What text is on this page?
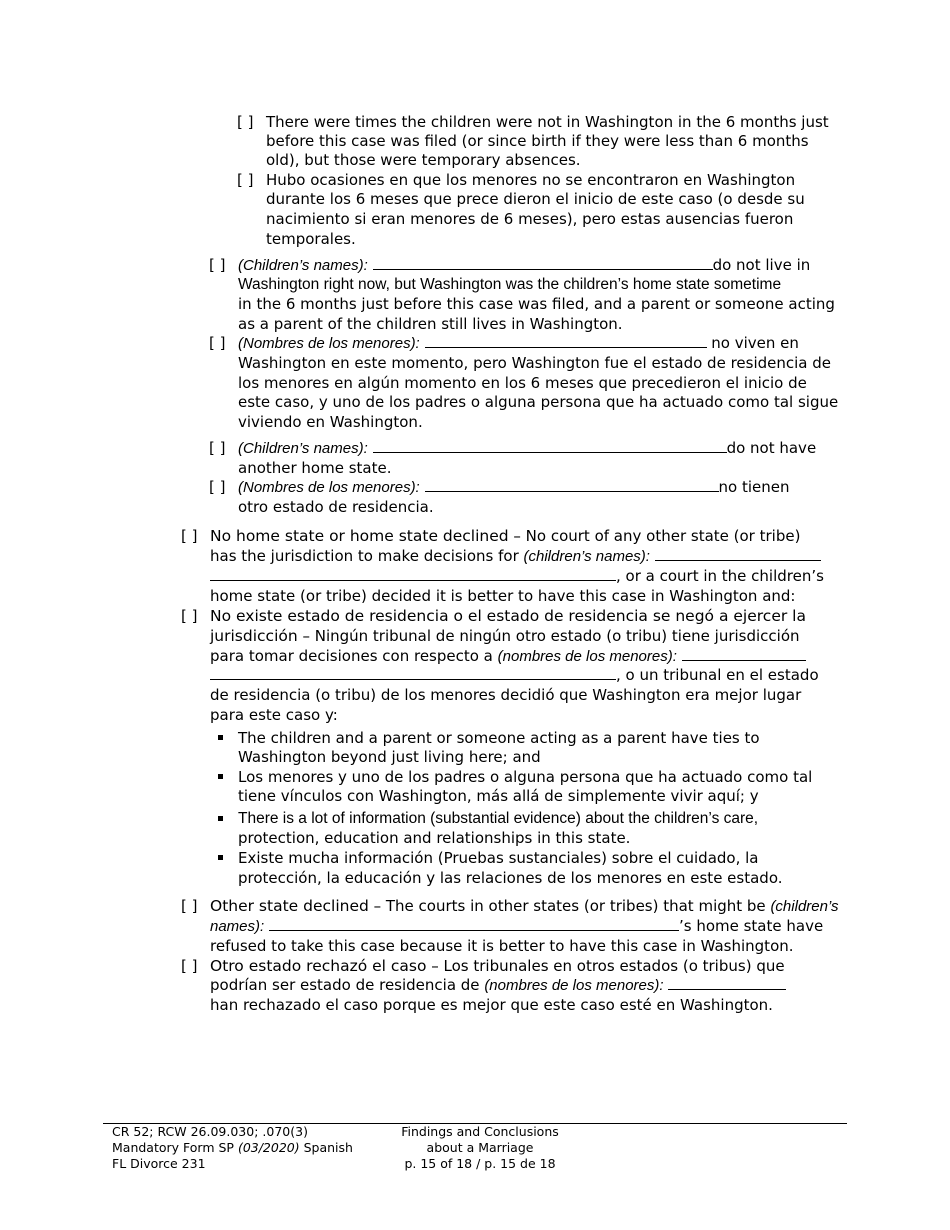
[ ] There were times the children were not in Washington in the 6 months just
before this case was filed (or since birth if they were less than 6 months
old), but those were temporary absences.
[ ] Hubo ocasiones en que los menores no se encontraron en Washington
durante los 6 meses que prece dieron el inicio de este caso (o desde su
nacimiento si eran menores de 6 meses), pero estas ausencias fueron
temporales.
[ ] (Children’s names):	do not live in
Washington right now, but Washington was the children’s home state sometime
in the 6 months just before this case was filed, and a parent or someone acting
as a parent of the children still lives in Washington.
[ ] (Nombres de los menores):	no viven en
Washington en este momento, pero Washington fue el estado de residencia de
los menores en algún momento en los 6 meses que precedieron el inicio de
este caso, y uno de los padres o alguna persona que ha actuado como tal sigue
viviendo en Washington.
[ ] (Children’s names):	do not have
another home state.
[ ] (Nombres de los menores):	no tienen
otro estado de residencia.
[ ] No home state or home state declined – No court of any other state (or tribe)
has the jurisdiction to make decisions for (children’s names):
, or a court in the children’s
home state (or tribe) decided it is better to have this case in Washington and:
[ ] No existe estado de residencia o el estado de residencia se negó a ejercer la
jurisdicción – Ningún tribunal de ningún otro estado (o tribu) tiene jurisdicción
para tomar decisiones con respecto a (nombres de los menores):
, o un tribunal en el estado
de residencia (o tribu) de los menores decidió que Washington era mejor lugar
para este caso y:
The children and a parent or someone acting as a parent have ties to
Washington beyond just living here; and
Los menores y uno de los padres o alguna persona que ha actuado como tal
tiene vínculos con Washington, más allá de simplemente vivir aquí; y
There is a lot of information (substantial evidence) about the children’s care,
protection, education and relationships in this state.
Existe mucha información (Pruebas sustanciales) sobre el cuidado, la
protección, la educación y las relaciones de los menores en este estado.
[ ] Other state declined – The courts in other states (or tribes) that might be (children’s
names):	’s home state have
refused to take this case because it is better to have this case in Washington.
[ ] Otro estado rechazó el caso – Los tribunales en otros estados (o tribus) que
podrían ser estado de residencia de (nombres de los menores):
han rechazado el caso porque es mejor que este caso esté en Washington.
CR 52; RCW 26.09.030; .070(3)
Mandatory Form SP (03/2020) Spanish
FL Divorce 231
Findings and Conclusions
about a Marriage
p. 15 of 18 / p. 15 de 18
